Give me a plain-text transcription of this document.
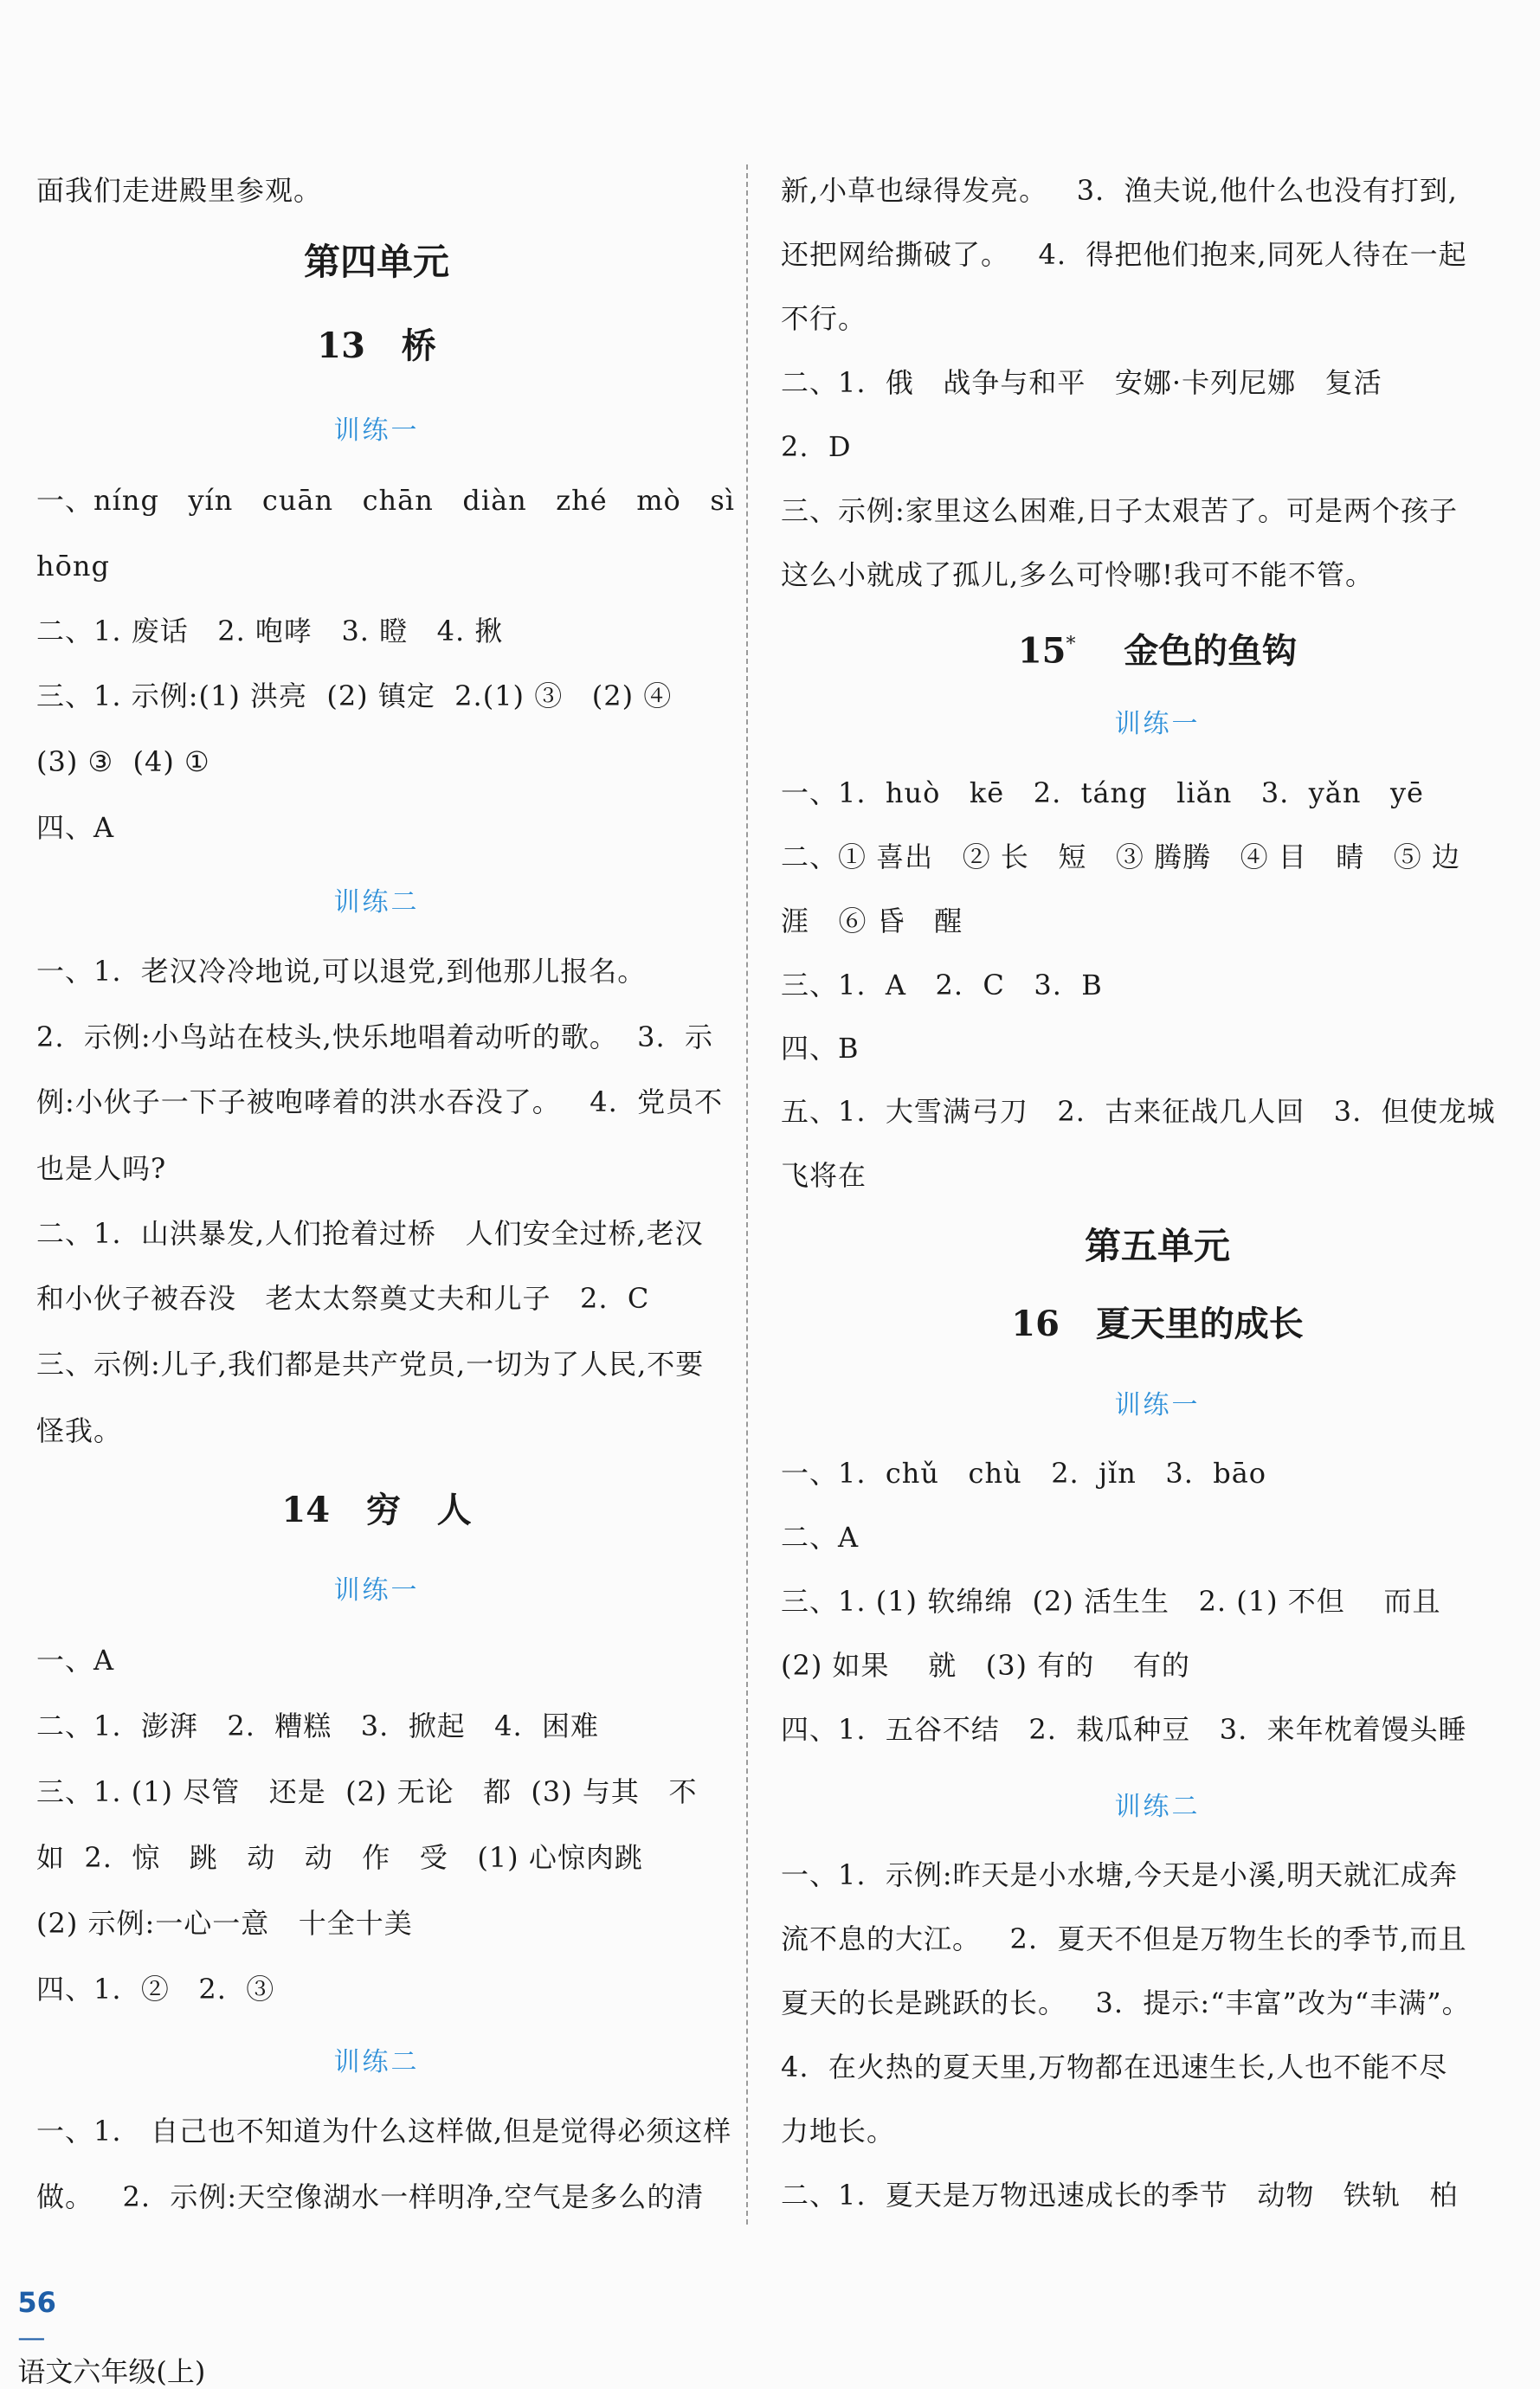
面我们走进殿里参观。
第四单元
13   桥
训练一
一、níng   yín   cuān   chān   diàn   zhé   mò   sì
hōng
二、1. 废话   2. 咆哮   3. 瞪   4. 揪
三、1. 示例:(1) 洪亮  (2) 镇定  2.(1) ③   (2) ④
(3) ③  (4) ①
四、A
训练二
一、1.  老汉冷冷地说,可以退党,到他那儿报名。
2.  示例:小鸟站在枝头,快乐地唱着动听的歌。  3.  示
例:小伙子一下子被咆哮着的洪水吞没了。   4.  党员不
也是人吗?
二、1.  山洪暴发,人们抢着过桥   人们安全过桥,老汉
和小伙子被吞没   老太太祭奠丈夫和儿子   2.  C
三、示例:儿子,我们都是共产党员,一切为了人民,不要
怪我。
14   穷   人
训练一
一、A
二、1.  澎湃   2.  糟糕   3.  掀起   4.  困难
三、1. (1) 尽管   还是  (2) 无论   都  (3) 与其   不
如  2.  惊   跳   动   动   作   受   (1) 心惊肉跳
(2) 示例:一心一意   十全十美
四、1.  ②   2.  ③
训练二
一、1.   自己也不知道为什么这样做,但是觉得必须这样
做。   2.  示例:天空像湖水一样明净,空气是多么的清
新,小草也绿得发亮。   3.  渔夫说,他什么也没有打到,
还把网给撕破了。   4.  得把他们抱来,同死人待在一起
不行。
二、1.  俄   战争与和平   安娜·卡列尼娜   复活
2.  D
三、示例:家里这么困难,日子太艰苦了。可是两个孩子
这么小就成了孤儿,多么可怜哪!我可不能不管。
15*    金色的鱼钩
训练一
一、1.  huò   kē   2.  táng   liǎn   3.  yǎn   yē
二、① 喜出   ② 长   短   ③ 腾腾   ④ 目   睛   ⑤ 边
涯   ⑥ 昏   醒
三、1.  A   2.  C   3.  B
四、B
五、1.  大雪满弓刀   2.  古来征战几人回   3.  但使龙城
飞将在
第五单元
16   夏天里的成长
训练一
一、1.  chǔ   chù   2.  jǐn   3.  bāo
二、A
三、1. (1) 软绵绵  (2) 活生生   2. (1) 不但    而且
(2) 如果    就   (3) 有的    有的
四、1.  五谷不结   2.  栽瓜种豆   3.  来年枕着馒头睡
训练二
一、1.  示例:昨天是小水塘,今天是小溪,明天就汇成奔
流不息的大江。   2.  夏天不但是万物生长的季节,而且
夏天的长是跳跃的长。   3.  提示:“丰富”改为“丰满”。
4.  在火热的夏天里,万物都在迅速生长,人也不能不尽
力地长。
二、1.  夏天是万物迅速成长的季节   动物   铁轨   柏

56
—
语文六年级(上)
